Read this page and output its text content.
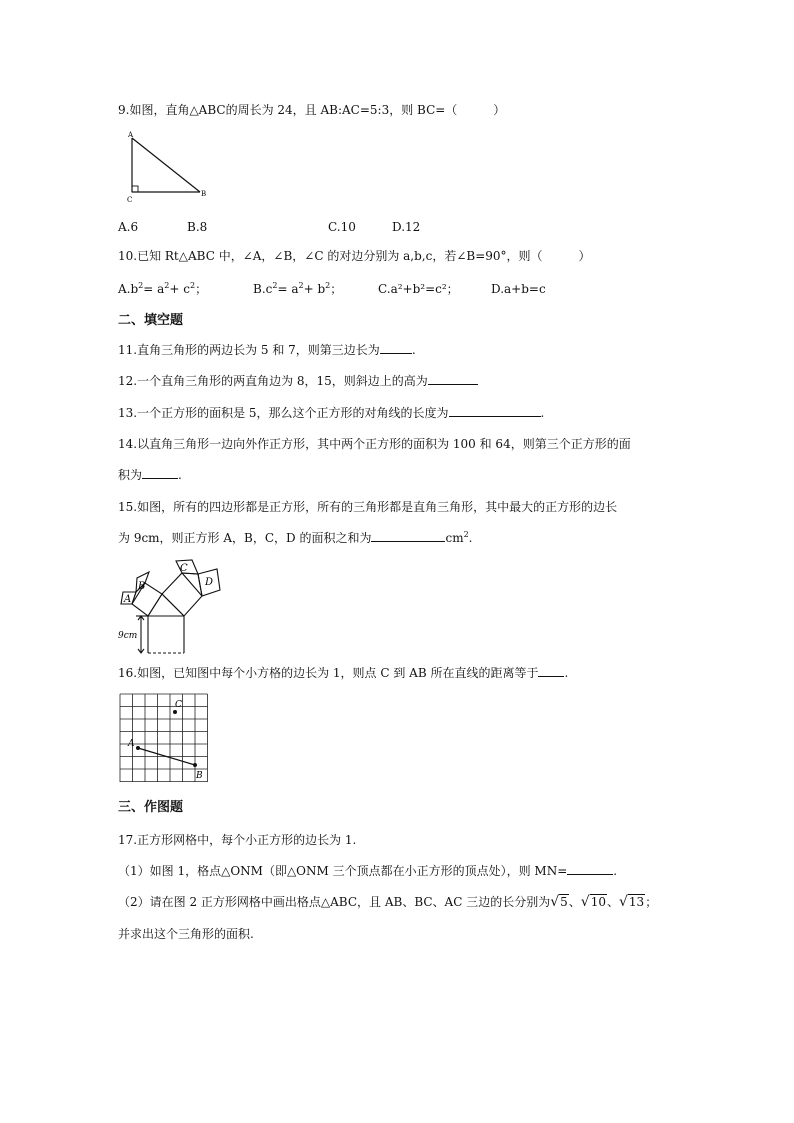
9.如图，直角△ABC的周长为 24，且 AB:AC=5:3，则 BC=（　　　）
A
B
C
A.6	B.8	C.10	D.12
10.已知 Rt△ABC 中，∠A，∠B，∠C 的对边分别为 a,b,c，若∠B=90°，则（　　　）
$A.b^2= a^2+ c^2$；	$B.c^2= a^2+ b^2$；	C.a²+b²=c²；	D.a+b=c
二、填空题
11.直角三角形的两边长为 5 和 7，则第三边长为	.
12.一个直角三角形的两直角边为 8，15，则斜边上的高为
13.一个正方形的面积是 5，那么这个正方形的对角线的长度为	.
14.以直角三角形一边向外作正方形，其中两个正方形的面积为 100 和 64，则第三个正方形的面
积为	.
15.如图，所有的四边形都是正方形，所有的三角形都是直角三角形，其中最大的正方形的边长
为 9cm，则正方形 A，B，C，D 的面积之和为	$cm^2$.
A
B
C
D
9cm
16.如图，已知图中每个小方格的边长为 1，则点 C 到 AB 所在直线的距离等于 .
A
B
C
三、作图题
17.正方形网格中，每个小正方形的边长为 1.
（1）如图 1，格点△ONM（即△ONM 三个顶点都在小正方形的顶点处），则 MN=	.
（2）请在图 2 正方形网格中画出格点△ABC，且 AB、BC、AC 三边的长分别为√5、√10、√13；
并求出这个三角形的面积.
